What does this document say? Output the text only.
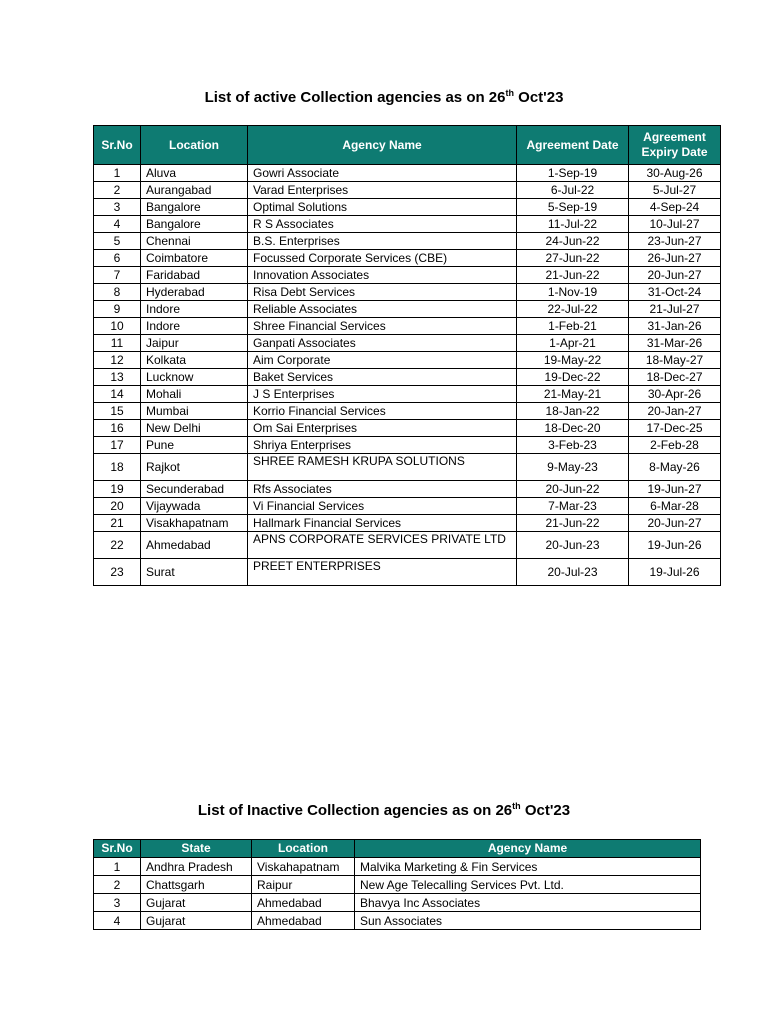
List of active Collection agencies as on 26th Oct'23
Sr.No	Location	Agency Name	Agreement Date	Agreement Expiry Date
1	Aluva	Gowri Associate	1-Sep-19	30-Aug-26
2	Aurangabad	Varad Enterprises	6-Jul-22	5-Jul-27
3	Bangalore	Optimal Solutions	5-Sep-19	4-Sep-24
4	Bangalore	R S Associates	11-Jul-22	10-Jul-27
5	Chennai	B.S. Enterprises	24-Jun-22	23-Jun-27
6	Coimbatore	Focussed Corporate Services (CBE)	27-Jun-22	26-Jun-27
7	Faridabad	Innovation Associates	21-Jun-22	20-Jun-27
8	Hyderabad	Risa Debt Services	1-Nov-19	31-Oct-24
9	Indore	Reliable Associates	22-Jul-22	21-Jul-27
10	Indore	Shree Financial Services	1-Feb-21	31-Jan-26
11	Jaipur	Ganpati Associates	1-Apr-21	31-Mar-26
12	Kolkata	Aim Corporate	19-May-22	18-May-27
13	Lucknow	Baket Services	19-Dec-22	18-Dec-27
14	Mohali	J S Enterprises	21-May-21	30-Apr-26
15	Mumbai	Korrio Financial Services	18-Jan-22	20-Jan-27
16	New Delhi	Om Sai Enterprises	18-Dec-20	17-Dec-25
17	Pune	Shriya Enterprises	3-Feb-23	2-Feb-28
18	Rajkot	SHREE RAMESH KRUPA SOLUTIONS	9-May-23	8-May-26
19	Secunderabad	Rfs Associates	20-Jun-22	19-Jun-27
20	Vijaywada	Vi Financial Services	7-Mar-23	6-Mar-28
21	Visakhapatnam	Hallmark Financial Services	21-Jun-22	20-Jun-27
22	Ahmedabad	APNS CORPORATE SERVICES PRIVATE LTD	20-Jun-23	19-Jun-26
23	Surat	PREET ENTERPRISES	20-Jul-23	19-Jul-26
List of Inactive Collection agencies as on 26th Oct'23
Sr.No	State	Location	Agency Name
1	Andhra Pradesh	Viskahapatnam	Malvika Marketing & Fin Services
2	Chattsgarh	Raipur	New Age Telecalling Services Pvt. Ltd.
3	Gujarat	Ahmedabad	Bhavya Inc Associates
4	Gujarat	Ahmedabad	Sun Associates
